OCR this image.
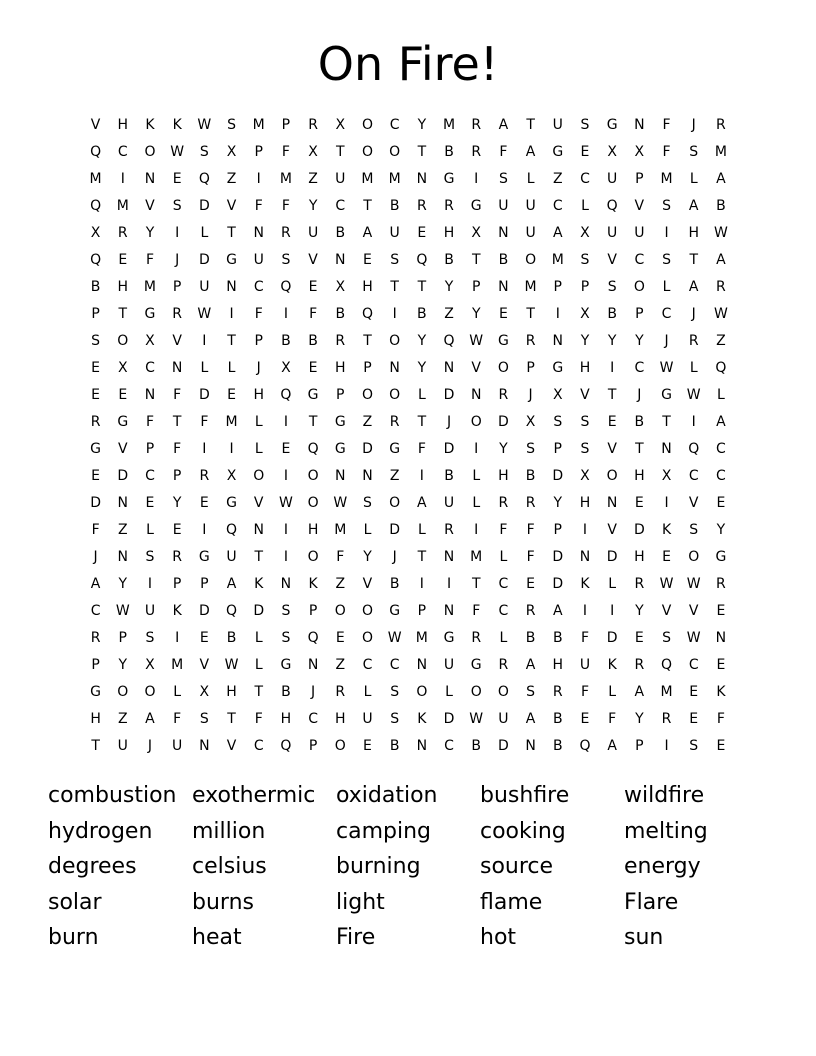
On Fire!
V	H	K	K	W	S	M	P	R	X	O	C	Y	M	R	A	T	U	S	G	N	F	J	R
Q	C	O	W	S	X	P	F	X	T	O	O	T	B	R	F	A	G	E	X	X	F	S	M
M	I	N	E	Q	Z	I	M	Z	U	M	M	N	G	I	S	L	Z	C	U	P	M	L	A
Q	M	V	S	D	V	F	F	Y	C	T	B	R	R	G	U	U	C	L	Q	V	S	A	B
X	R	Y	I	L	T	N	R	U	B	A	U	E	H	X	N	U	A	X	U	U	I	H	W
Q	E	F	J	D	G	U	S	V	N	E	S	Q	B	T	B	O	M	S	V	C	S	T	A
B	H	M	P	U	N	C	Q	E	X	H	T	T	Y	P	N	M	P	P	S	O	L	A	R
P	T	G	R	W	I	F	I	F	B	Q	I	B	Z	Y	E	T	I	X	B	P	C	J	W
S	O	X	V	I	T	P	B	B	R	T	O	Y	Q	W	G	R	N	Y	Y	Y	J	R	Z
E	X	C	N	L	L	J	X	E	H	P	N	Y	N	V	O	P	G	H	I	C	W	L	Q
E	E	N	F	D	E	H	Q	G	P	O	O	L	D	N	R	J	X	V	T	J	G	W	L
R	G	F	T	F	M	L	I	T	G	Z	R	T	J	O	D	X	S	S	E	B	T	I	A
G	V	P	F	I	I	L	E	Q	G	D	G	F	D	I	Y	S	P	S	V	T	N	Q	C
E	D	C	P	R	X	O	I	O	N	N	Z	I	B	L	H	B	D	X	O	H	X	C	C
D	N	E	Y	E	G	V	W	O	W	S	O	A	U	L	R	R	Y	H	N	E	I	V	E
F	Z	L	E	I	Q	N	I	H	M	L	D	L	R	I	F	F	P	I	V	D	K	S	Y
J	N	S	R	G	U	T	I	O	F	Y	J	T	N	M	L	F	D	N	D	H	E	O	G
A	Y	I	P	P	A	K	N	K	Z	V	B	I	I	T	C	E	D	K	L	R	W W	R
C	W	U	K	D	Q	D	S	P	O	O	G	P	N	F	C	R	A	I	I	Y	V	V	E
R	P	S	I	E	B	L	S	Q	E	O	W	M	G	R	L	B	B	F	D	E	S	W	N
P	Y	X	M	V	W	L	G	N	Z	C	C	N	U	G	R	A	H	U	K	R	Q	C	E
G	O	O	L	X	H	T	B	J	R	L	S	O	L	O	O	S	R	F	L	A	M	E	K
H	Z	A	F	S	T	F	H	C	H	U	S	K	D	W	U	A	B	E	F	Y	R	E	F
T	U	J	U	N	V	C	Q	P	O	E	B	N	C	B	D	N	B	Q	A	P	I	S	E
combustion exothermic oxidation	bushfire	wildfire
hydrogen	million	camping	cooking	melting
degrees	celsius	burning	source	energy
solar	burns	light	flame	Flare
burn	heat	Fire	hot	sun
